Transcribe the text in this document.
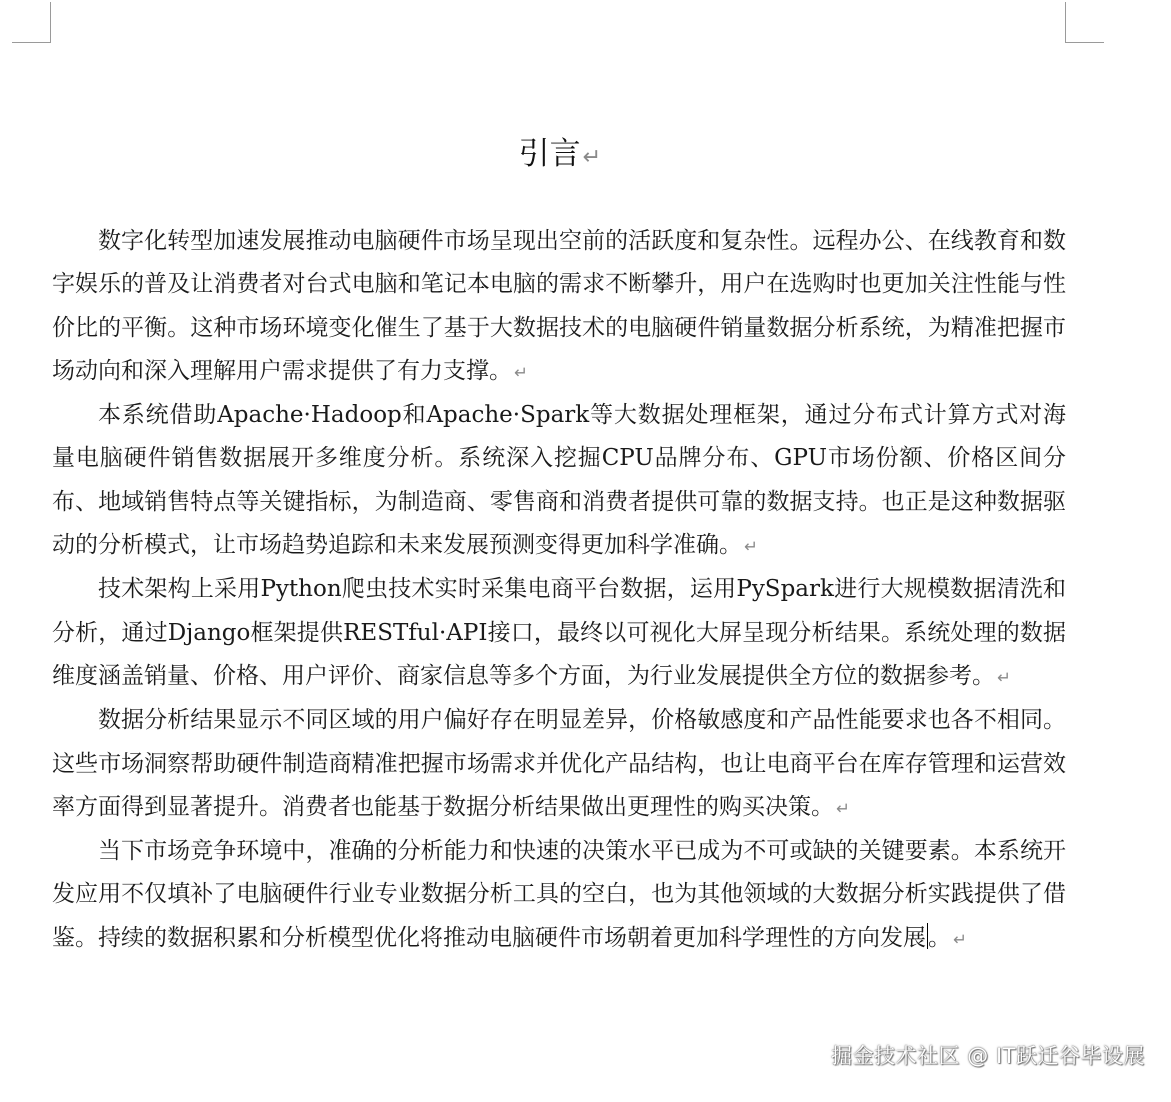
引言↵

数字化转型加速发展推动电脑硬件市场呈现出空前的活跃度和复杂性。远程办公、在线教育和数字娱乐的普及让消费者对台式电脑和笔记本电脑的需求不断攀升，用户在选购时也更加关注性能与性价比的平衡。这种市场环境变化催生了基于大数据技术的电脑硬件销量数据分析系统，为精准把握市场动向和深入理解用户需求提供了有力支撑。 ↵

本系统借助Apache·Hadoop和Apache·Spark等大数据处理框架，通过分布式计算方式对海量电脑硬件销售数据展开多维度分析。系统深入挖掘CPU品牌分布、GPU市场份额、价格区间分布、地域销售特点等关键指标，为制造商、零售商和消费者提供可靠的数据支持。也正是这种数据驱动的分析模式，让市场趋势追踪和未来发展预测变得更加科学准确。 ↵

技术架构上采用Python爬虫技术实时采集电商平台数据，运用PySpark进行大规模数据清洗和分析，通过Django框架提供RESTful·API接口，最终以可视化大屏呈现分析结果。系统处理的数据维度涵盖销量、价格、用户评价、商家信息等多个方面，为行业发展提供全方位的数据参考。 ↵

数据分析结果显示不同区域的用户偏好存在明显差异，价格敏感度和产品性能要求也各不相同。这些市场洞察帮助硬件制造商精准把握市场需求并优化产品结构，也让电商平台在库存管理和运营效率方面得到显著提升。消费者也能基于数据分析结果做出更理性的购买决策。 ↵

当下市场竞争环境中，准确的分析能力和快速的决策水平已成为不可或缺的关键要素。本系统开发应用不仅填补了电脑硬件行业专业数据分析工具的空白，也为其他领域的大数据分析实践提供了借鉴。持续的数据积累和分析模型优化将推动电脑硬件市场朝着更加科学理性的方向发展。 ↵

掘金技术社区 @ IT跃迁谷毕设展
